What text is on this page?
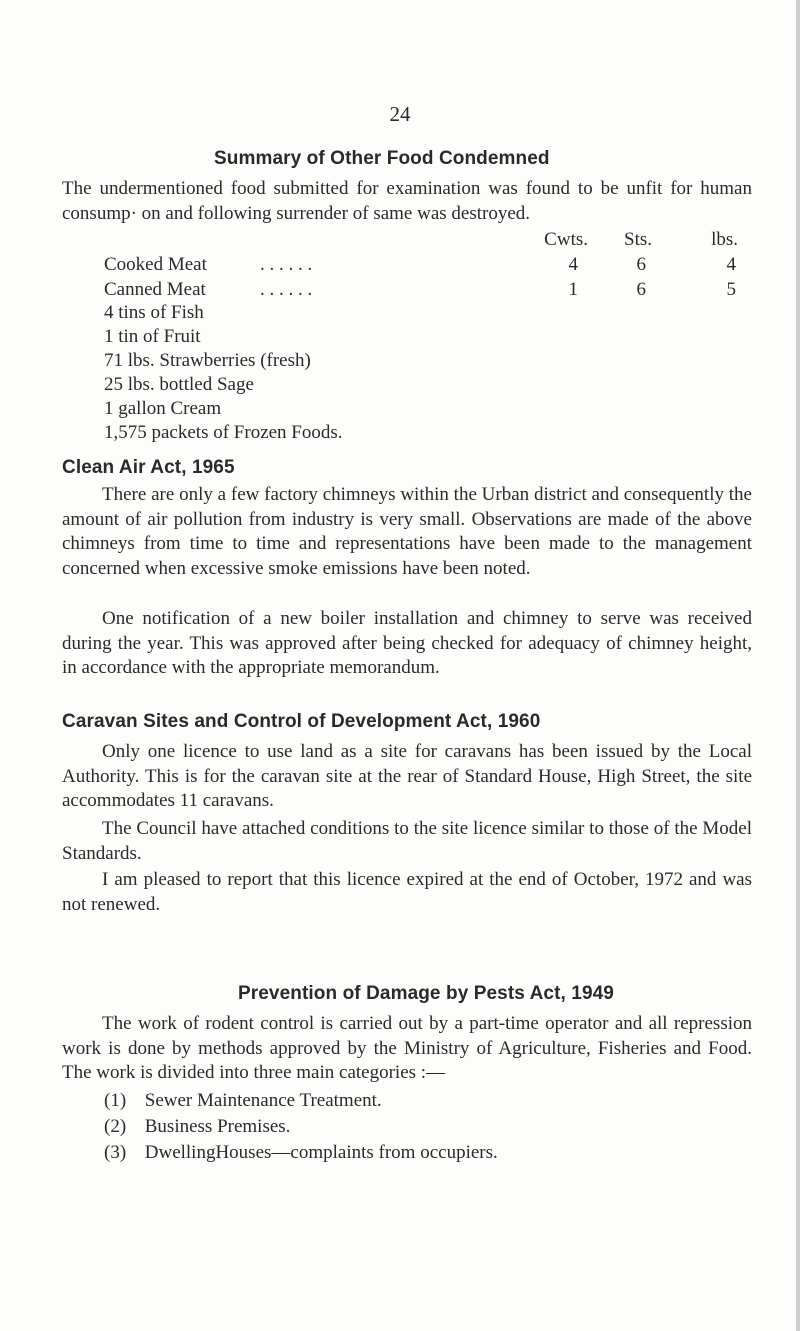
24
Summary of Other Food Condemned

The undermentioned food submitted for examination was found to be unfit for human consump· on and following surrender of same was destroyed.

Cwts.	Sts.	lbs.
Cooked Meat	. . . . . .	4	6	4
Canned Meat	. . . . . .	1	6	5
4 tins of Fish
1 tin of Fruit
71 lbs. Strawberries (fresh)
25 lbs. bottled Sage
1 gallon Cream
1,575 packets of Frozen Foods.
Clean Air Act, 1965

There are only a few factory chimneys within the Urban district and consequently the amount of air pollution from industry is very small. Observations are made of the above chimneys from time to time and representations have been made to the management concerned when excessive smoke emissions have been noted.

One notification of a new boiler installation and chimney to serve was received during the year. This was approved after being checked for adequacy of chimney height, in accordance with the appropriate memorandum.

Caravan Sites and Control of Development Act, 1960

Only one licence to use land as a site for caravans has been issued by the Local Authority. This is for the caravan site at the rear of Standard House, High Street, the site accommodates 11 caravans.

The Council have attached conditions to the site licence similar to those of the Model Standards.

I am pleased to report that this licence expired at the end of October, 1972 and was not renewed.

Prevention of Damage by Pests Act, 1949

The work of rodent control is carried out by a part-time operator and all repression work is done by methods approved by the Ministry of Agriculture, Fisheries and Food. The work is divided into three main categories :—

(1) Sewer Maintenance Treatment.
(2) Business Premises.
(3) DwellingHouses—complaints from occupiers.
